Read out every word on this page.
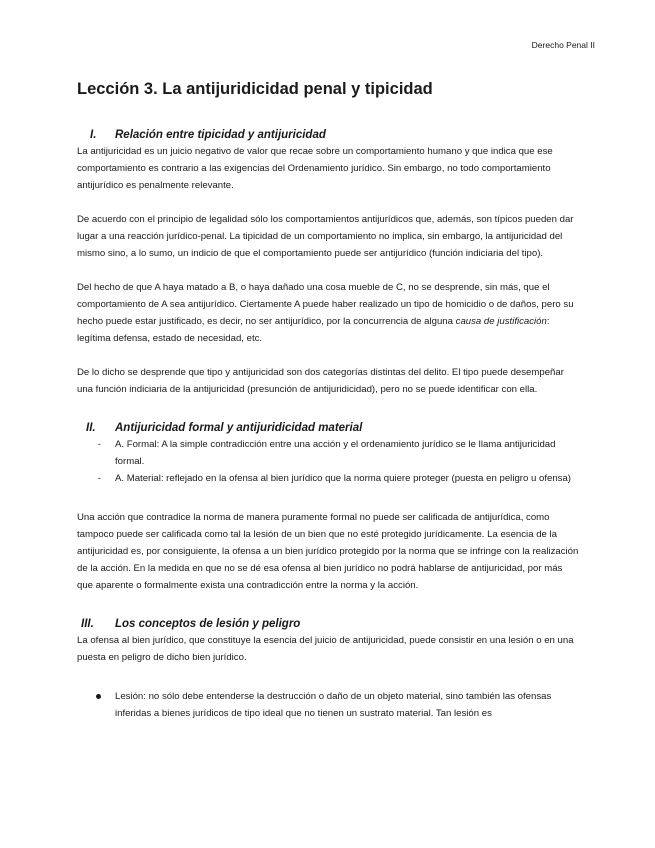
Derecho Penal II
Lección 3. La antijuridicidad penal y tipicidad
I.	Relación entre tipicidad y antijuricidad

La antijuricidad es un juicio negativo de valor que recae sobre un comportamiento humano y que indica que ese comportamiento es contrario a las exigencias del Ordenamiento jurídico. Sin embargo, no todo comportamiento antijurídico es penalmente relevante.

De acuerdo con el principio de legalidad sólo los comportamientos antijurídicos que, además, son típicos pueden dar lugar a una reacción jurídico-penal. La tipicidad de un comportamiento no implica, sin embargo, la antijuricidad del mismo sino, a lo sumo, un indicio de que el comportamiento puede ser antijurídico (función indiciaria del tipo).

Del hecho de que A haya matado a B, o haya dañado una cosa mueble de C, no se desprende, sin más, que el comportamiento de A sea antijurídico. Ciertamente A puede haber realizado un tipo de homicidio o de daños, pero su hecho puede estar justificado, es decir, no ser antijurídico, por la concurrencia de alguna causa de justificación: legítima defensa, estado de necesidad, etc.

De lo dicho se desprende que tipo y antijuricidad son dos categorías distintas del delito. El tipo puede desempeñar una función indiciaria de la antijuricidad (presunción de antijuridicidad), pero no se puede identificar con ella.

II.	Antijuricidad formal y antijuridicidad material
-	A. Formal: A la simple contradicción entre una acción y el ordenamiento jurídico se le llama antijuricidad formal.
-	A. Material: reflejado en la ofensa al bien jurídico que la norma quiere proteger (puesta en peligro u ofensa)

Una acción que contradice la norma de manera puramente formal no puede ser calificada de antijurídica, como tampoco puede ser calificada como tal la lesión de un bien que no esté protegido jurídicamente. La esencia de la antijuricidad es, por consiguiente, la ofensa a un bien jurídico protegido por la norma que se infringe con la realización de la acción. En la medida en que no se dé esa ofensa al bien jurídico no podrá hablarse de antijuricidad, por más que aparente o formalmente exista una contradicción entre la norma y la acción.

III.	Los conceptos de lesión y peligro

La ofensa al bien jurídico, que constituye la esencia del juicio de antijuricidad, puede consistir en una lesión o en una puesta en peligro de dicho bien jurídico.

Lesión: no sólo debe entenderse la destrucción o daño de un objeto material, sino también las ofensas inferidas a bienes jurídicos de tipo ideal que no tienen un sustrato material. Tan lesión es
